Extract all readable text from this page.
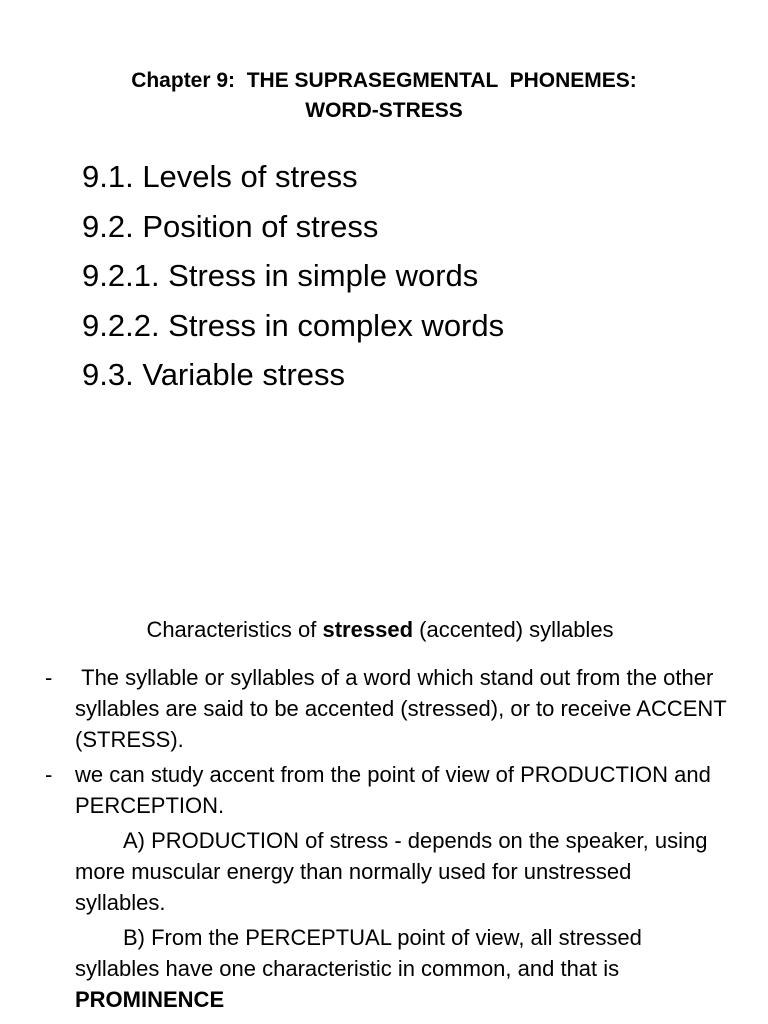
Chapter 9:  THE SUPRASEGMENTAL  PHONEMES:
WORD-STRESS
9.1. Levels of stress
9.2. Position of stress
9.2.1. Stress in simple words
9.2.2. Stress in complex words
9.3. Variable stress

Characteristics of stressed (accented) syllables

- The syllable or syllables of a word which stand out from the other syllables are said to be accented (stressed), or to receive ACCENT (STRESS).
- we can study accent from the point of view of PRODUCTION and PERCEPTION.
A) PRODUCTION of stress - depends on the speaker, using more muscular energy than normally used for unstressed syllables.
B) From the PERCEPTUAL point of view, all stressed syllables have one characteristic in common, and that is PROMINENCE
